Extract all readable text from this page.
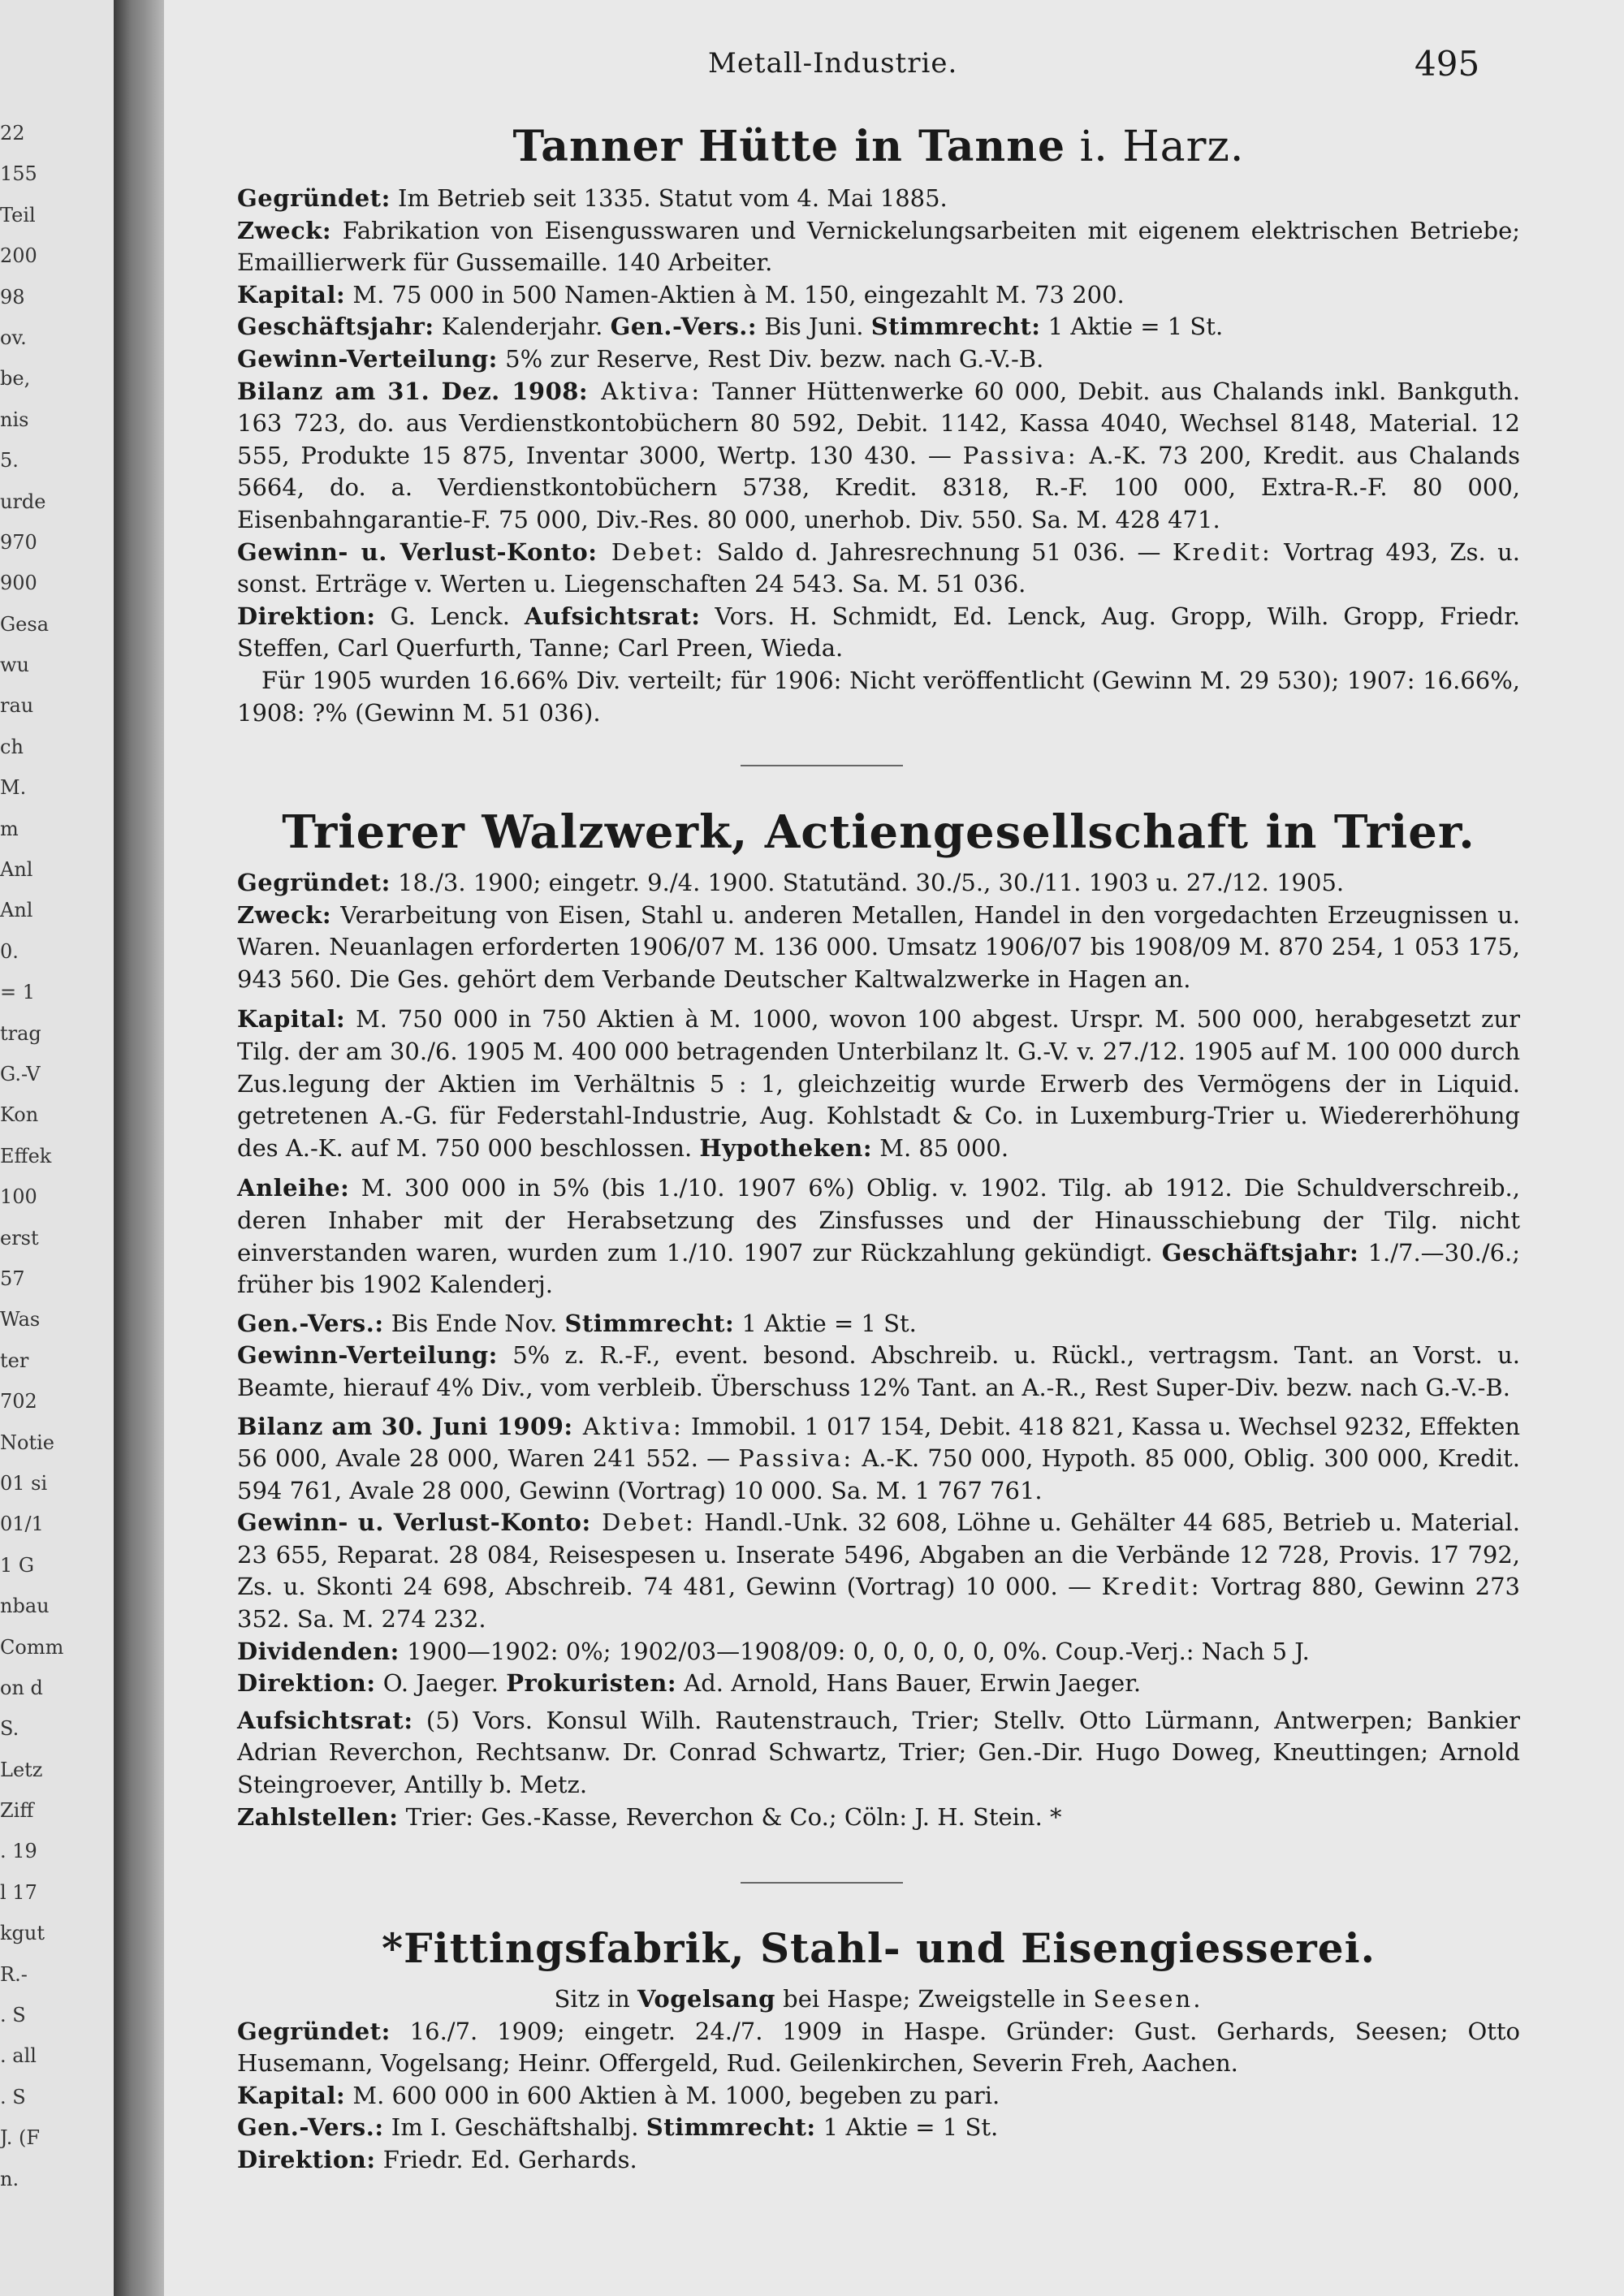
22
155
Teil
200
98
ov.
be,
nis
5.
urde
970
900
Gesa
wu
rau
ch
M.
m
Anl
Anl
0.
= 1
trag
G.-V
Kon
Effek
100
erst
57
Was
ter
702
Notie
01 si
01/1
1 G
nbau
Comm
on d
S.
Letz
Ziff
. 19
l 17
kgut
R.-
. S
. all
. S
J. (F
n.
Metall-Industrie.	495
Tanner Hütte in Tanne i. Harz.

Gegründet: Im Betrieb seit 1335. Statut vom 4. Mai 1885.

Zweck: Fabrikation von Eisengusswaren und Vernickelungsarbeiten mit eigenem elektrischen Betriebe; Emaillierwerk für Gussemaille. 140 Arbeiter.

Kapital: M. 75 000 in 500 Namen-Aktien à M. 150, eingezahlt M. 73 200.

Geschäftsjahr: Kalenderjahr. Gen.-Vers.: Bis Juni. Stimmrecht: 1 Aktie = 1 St.

Gewinn-Verteilung: 5% zur Reserve, Rest Div. bezw. nach G.-V.-B.

Bilanz am 31. Dez. 1908: Aktiva: Tanner Hüttenwerke 60 000, Debit. aus Chalands inkl. Bankguth. 163 723, do. aus Verdienstkontobüchern 80 592, Debit. 1142, Kassa 4040, Wechsel 8148, Material. 12 555, Produkte 15 875, Inventar 3000, Wertp. 130 430. — Passiva: A.-K. 73 200, Kredit. aus Chalands 5664, do. a. Verdienstkontobüchern 5738, Kredit. 8318, R.-F. 100 000, Extra-R.-F. 80 000, Eisenbahngarantie-F. 75 000, Div.-Res. 80 000, unerhob. Div. 550. Sa. M. 428 471.

Gewinn- u. Verlust-Konto: Debet: Saldo d. Jahresrechnung 51 036. — Kredit: Vortrag 493, Zs. u. sonst. Erträge v. Werten u. Liegenschaften 24 543. Sa. M. 51 036.

Direktion: G. Lenck. Aufsichtsrat: Vors. H. Schmidt, Ed. Lenck, Aug. Gropp, Wilh. Gropp, Friedr. Steffen, Carl Querfurth, Tanne; Carl Preen, Wieda.

Für 1905 wurden 16.66% Div. verteilt; für 1906: Nicht veröffentlicht (Gewinn M. 29 530); 1907: 16.66%, 1908: ?% (Gewinn M. 51 036).

Trierer Walzwerk, Actiengesellschaft in Trier.

Gegründet: 18./3. 1900; eingetr. 9./4. 1900. Statutänd. 30./5., 30./11. 1903 u. 27./12. 1905.

Zweck: Verarbeitung von Eisen, Stahl u. anderen Metallen, Handel in den vorgedachten Erzeugnissen u. Waren. Neuanlagen erforderten 1906/07 M. 136 000. Umsatz 1906/07 bis 1908/09 M. 870 254, 1 053 175, 943 560. Die Ges. gehört dem Verbande Deutscher Kaltwalzwerke in Hagen an.

Kapital: M. 750 000 in 750 Aktien à M. 1000, wovon 100 abgest. Urspr. M. 500 000, herabgesetzt zur Tilg. der am 30./6. 1905 M. 400 000 betragenden Unterbilanz lt. G.-V. v. 27./12. 1905 auf M. 100 000 durch Zus.legung der Aktien im Verhältnis 5 : 1, gleichzeitig wurde Erwerb des Vermögens der in Liquid. getretenen A.-G. für Federstahl-Industrie, Aug. Kohlstadt & Co. in Luxemburg-Trier u. Wiedererhöhung des A.-K. auf M. 750 000 beschlossen. Hypotheken: M. 85 000.

Anleihe: M. 300 000 in 5% (bis 1./10. 1907 6%) Oblig. v. 1902. Tilg. ab 1912. Die Schuldverschreib., deren Inhaber mit der Herabsetzung des Zinsfusses und der Hinausschiebung der Tilg. nicht einverstanden waren, wurden zum 1./10. 1907 zur Rückzahlung gekündigt. Geschäftsjahr: 1./7.—30./6.; früher bis 1902 Kalenderj.

Gen.-Vers.: Bis Ende Nov. Stimmrecht: 1 Aktie = 1 St.

Gewinn-Verteilung: 5% z. R.-F., event. besond. Abschreib. u. Rückl., vertragsm. Tant. an Vorst. u. Beamte, hierauf 4% Div., vom verbleib. Überschuss 12% Tant. an A.-R., Rest Super-Div. bezw. nach G.-V.-B.

Bilanz am 30. Juni 1909: Aktiva: Immobil. 1 017 154, Debit. 418 821, Kassa u. Wechsel 9232, Effekten 56 000, Avale 28 000, Waren 241 552. — Passiva: A.-K. 750 000, Hypoth. 85 000, Oblig. 300 000, Kredit. 594 761, Avale 28 000, Gewinn (Vortrag) 10 000. Sa. M. 1 767 761.

Gewinn- u. Verlust-Konto: Debet: Handl.-Unk. 32 608, Löhne u. Gehälter 44 685, Betrieb u. Material. 23 655, Reparat. 28 084, Reisespesen u. Inserate 5496, Abgaben an die Verbände 12 728, Provis. 17 792, Zs. u. Skonti 24 698, Abschreib. 74 481, Gewinn (Vortrag) 10 000. — Kredit: Vortrag 880, Gewinn 273 352. Sa. M. 274 232.

Dividenden: 1900—1902: 0%; 1902/03—1908/09: 0, 0, 0, 0, 0, 0%. Coup.-Verj.: Nach 5 J.

Direktion: O. Jaeger. Prokuristen: Ad. Arnold, Hans Bauer, Erwin Jaeger.

Aufsichtsrat: (5) Vors. Konsul Wilh. Rautenstrauch, Trier; Stellv. Otto Lürmann, Antwerpen; Bankier Adrian Reverchon, Rechtsanw. Dr. Conrad Schwartz, Trier; Gen.-Dir. Hugo Doweg, Kneuttingen; Arnold Steingroever, Antilly b. Metz.

Zahlstellen: Trier: Ges.-Kasse, Reverchon & Co.; Cöln: J. H. Stein. *

*Fittingsfabrik, Stahl- und Eisengiesserei.

Sitz in Vogelsang bei Haspe; Zweigstelle in Seesen.

Gegründet: 16./7. 1909; eingetr. 24./7. 1909 in Haspe. Gründer: Gust. Gerhards, Seesen; Otto Husemann, Vogelsang; Heinr. Offergeld, Rud. Geilenkirchen, Severin Freh, Aachen.

Kapital: M. 600 000 in 600 Aktien à M. 1000, begeben zu pari.

Gen.-Vers.: Im I. Geschäftshalbj. Stimmrecht: 1 Aktie = 1 St.

Direktion: Friedr. Ed. Gerhards.
